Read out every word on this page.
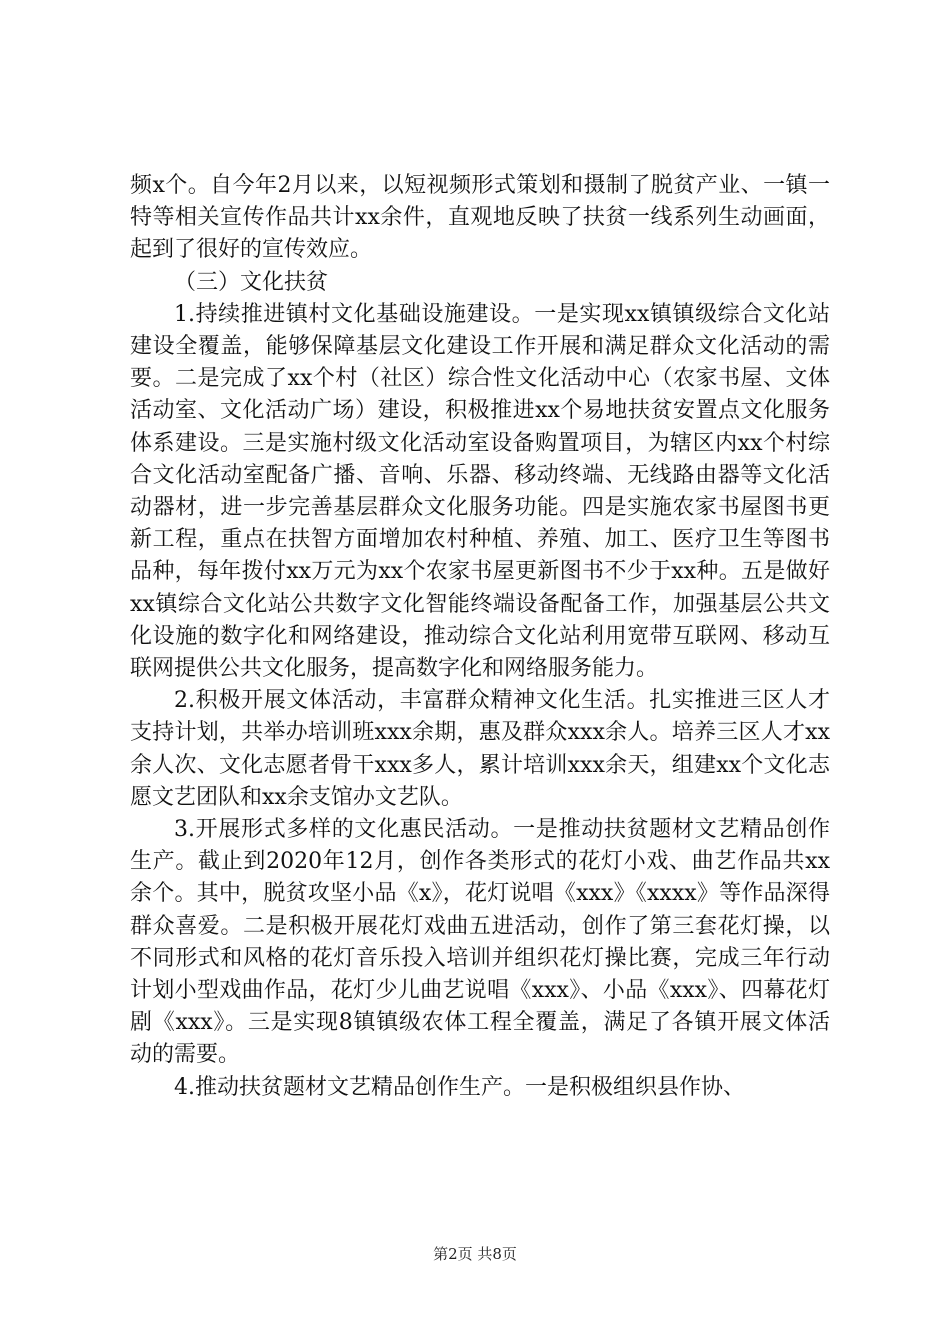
频x个。自今年2月以来，以短视频形式策划和摄制了脱贫产业、一镇一特等相关宣传作品共计xx余件，直观地反映了扶贫一线系列生动画面，起到了很好的宣传效应。

（三）文化扶贫

1.持续推进镇村文化基础设施建设。一是实现xx镇镇级综合文化站建设全覆盖，能够保障基层文化建设工作开展和满足群众文化活动的需要。二是完成了xx个村（社区）综合性文化活动中心（农家书屋、文体活动室、文化活动广场）建设，积极推进xx个易地扶贫安置点文化服务体系建设。三是实施村级文化活动室设备购置项目，为辖区内xx个村综合文化活动室配备广播、音响、乐器、移动终端、无线路由器等文化活动器材，进一步完善基层群众文化服务功能。四是实施农家书屋图书更新工程，重点在扶智方面增加农村种植、养殖、加工、医疗卫生等图书品种，每年拨付xx万元为xx个农家书屋更新图书不少于xx种。五是做好xx镇综合文化站公共数字文化智能终端设备配备工作，加强基层公共文化设施的数字化和网络建设，推动综合文化站利用宽带互联网、移动互联网提供公共文化服务，提高数字化和网络服务能力。

2.积极开展文体活动，丰富群众精神文化生活。扎实推进三区人才支持计划，共举办培训班xxx余期，惠及群众xxx余人。培养三区人才xx余人次、文化志愿者骨干xxx多人，累计培训xxx余天，组建xx个文化志愿文艺团队和xx余支馆办文艺队。

3.开展形式多样的文化惠民活动。一是推动扶贫题材文艺精品创作生产。截止到2020年12月，创作各类形式的花灯小戏、曲艺作品共xx余个。其中，脱贫攻坚小品《x》，花灯说唱《xxx》《xxxx》等作品深得群众喜爱。二是积极开展花灯戏曲五进活动，创作了第三套花灯操，以不同形式和风格的花灯音乐投入培训并组织花灯操比赛，完成三年行动计划小型戏曲作品，花灯少儿曲艺说唱《xxx》、小品《xxx》、四幕花灯剧《xxx》。三是实现8镇镇级农体工程全覆盖，满足了各镇开展文体活动的需要。

4.推动扶贫题材文艺精品创作生产。一是积极组织县作协、

第2页 共8页
